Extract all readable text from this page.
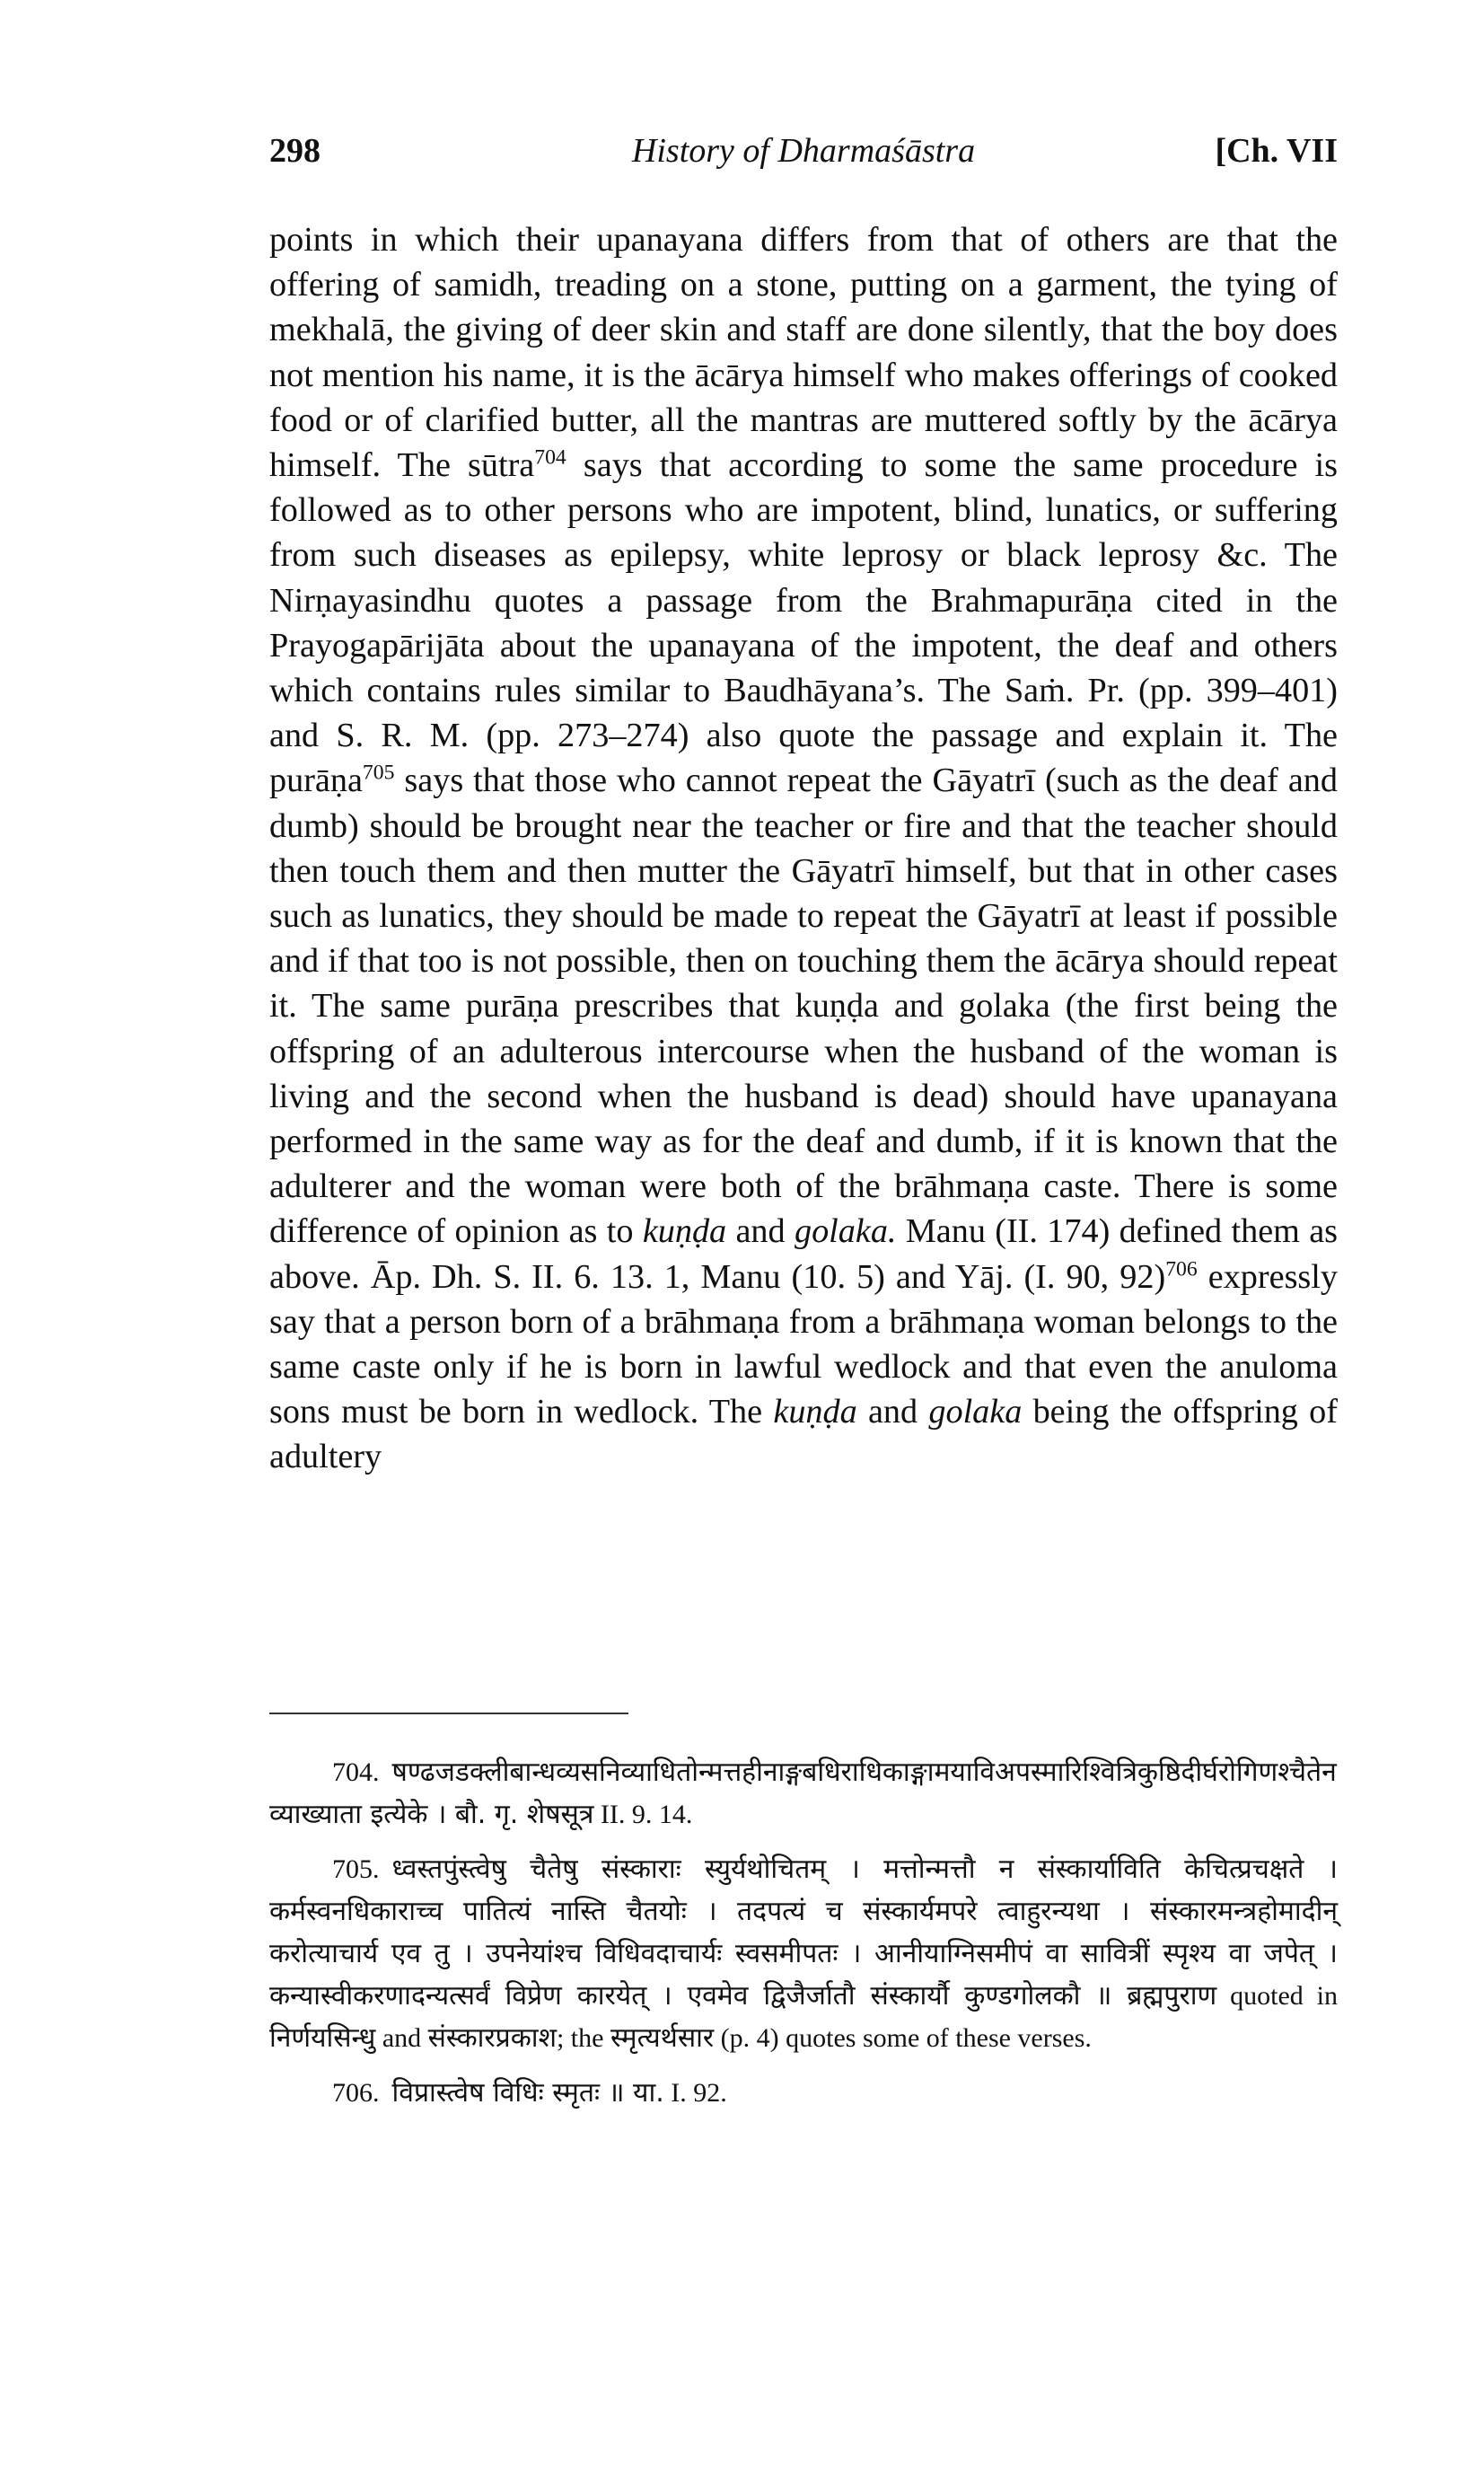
298	History of Dharmaśāstra	[Ch. VII

points in which their upanayana differs from that of others are that the offering of samidh, treading on a stone, putting on a garment, the tying of mekhalā, the giving of deer skin and staff are done silently, that the boy does not mention his name, it is the ācārya himself who makes offerings of cooked food or of clarified butter, all the mantras are muttered softly by the ācārya himself. The sūtra$^{704}$ says that according to some the same procedure is followed as to other persons who are impotent, blind, lunatics, or suffering from such diseases as epilepsy, white leprosy or black leprosy &c. The Nirṇayasindhu quotes a passage from the Brahmapurāṇa cited in the Prayogapārijāta about the upanayana of the impotent, the deaf and others which contains rules similar to Baudhāyana’s. The Saṁ. Pr. (pp. 399–401) and S. R. M. (pp. 273–274) also quote the passage and explain it. The purāṇa$^{705}$ says that those who cannot repeat the Gāyatrī (such as the deaf and dumb) should be brought near the teacher or fire and that the teacher should then touch them and then mutter the Gāyatrī himself, but that in other cases such as lunatics, they should be made to repeat the Gāyatrī at least if possible and if that too is not possible, then on touching them the ācārya should repeat it. The same purāṇa prescribes that kuṇḍa and golaka (the first being the offspring of an adulterous intercourse when the husband of the woman is living and the second when the husband is dead) should have upanayana performed in the same way as for the deaf and dumb, if it is known that the adulterer and the woman were both of the brāhmaṇa caste. There is some difference of opinion as to kuṇḍa and golaka. Manu (II. 174) defined them as above. Āp. Dh. S. II. 6. 13. 1, Manu (10. 5) and Yāj. (I. 90, 92)$^{706}$ expressly say that a person born of a brāhmaṇa from a brāhmaṇa woman belongs to the same caste only if he is born in lawful wedlock and that even the anuloma sons must be born in wedlock. The kuṇḍa and golaka being the offspring of adultery

704. षण्ढजडक्लीबान्धव्यसनिव्याधितोन्मत्तहीनाङ्गबधिराधिकाङ्गामयाविअपस्मारिश्वित्रिकुष्ठिदीर्घरोगिणश्चैतेन व्याख्याता इत्येके । बौ. गृ. शेषसूत्र II. 9. 14.

705. ध्वस्तपुंस्त्वेषु चैतेषु संस्काराः स्युर्यथोचितम् । मत्तोन्मत्तौ न संस्कार्याविति केचित्प्रचक्षते । कर्मस्वनधिकाराच्च पातित्यं नास्ति चैतयोः । तदपत्यं च संस्कार्यमपरे त्वाहुरन्यथा । संस्कारमन्त्रहोमादीन् करोत्याचार्य एव तु । उपनेयांश्च विधिवदाचार्यः स्वसमीपतः । आनीयाग्निसमीपं वा सावित्रीं स्पृश्य वा जपेत् । कन्यास्वीकरणादन्यत्सर्वं विप्रेण कारयेत् । एवमेव द्विजैर्जातौ संस्कार्यौ कुण्डगोलकौ ॥ ब्रह्मपुराण quoted in निर्णयसिन्धु and संस्कारप्रकाश; the स्मृत्यर्थसार (p. 4) quotes some of these verses.

706. विप्रास्त्वेष विधिः स्मृतः ॥ या. I. 92.
